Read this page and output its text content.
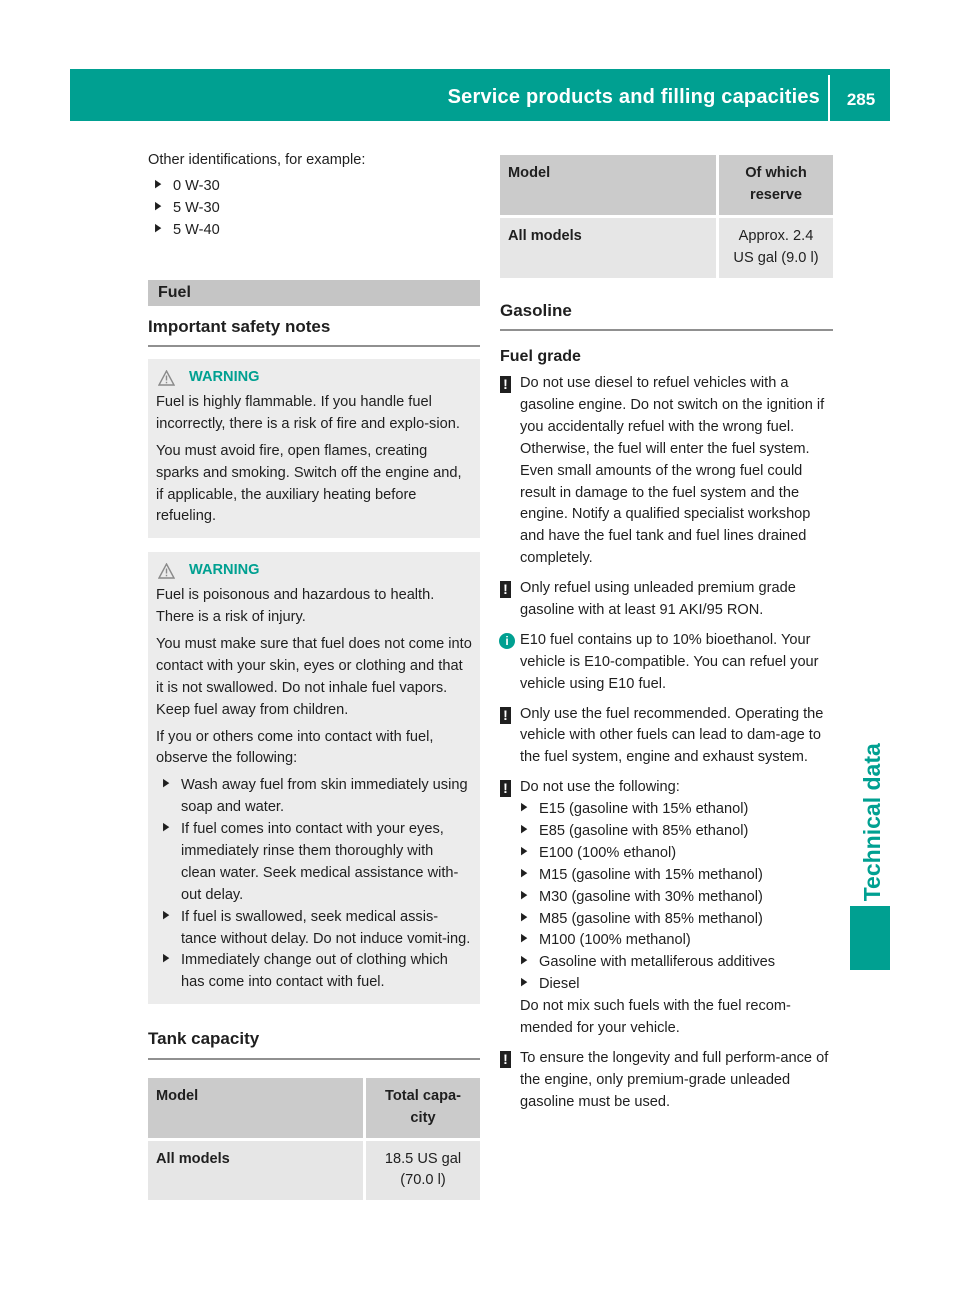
Service products and filling capacities	285
Technical data

Other identifications, for example:

▶ 0 W-30
▶ 5 W-30
▶ 5 W-40
Fuel
Important safety notes
WARNING

Fuel is highly flammable. If you handle fuel incorrectly, there is a risk of fire and explo-sion.

You must avoid fire, open flames, creating sparks and smoking. Switch off the engine and, if applicable, the auxiliary heating before refueling.

WARNING

Fuel is poisonous and hazardous to health. There is a risk of injury.

You must make sure that fuel does not come into contact with your skin, eyes or clothing and that it is not swallowed. Do not inhale fuel vapors. Keep fuel away from children.

If you or others come into contact with fuel, observe the following:

▶ Wash away fuel from skin immediately using soap and water.
▶ If fuel comes into contact with your eyes, immediately rinse them thoroughly with clean water. Seek medical assistance with-out delay.
▶ If fuel is swallowed, seek medical assis-tance without delay. Do not induce vomit-ing.
▶ Immediately change out of clothing which has come into contact with fuel.
Tank capacity
Model	Total capa-city
All models	18.5 US gal (70.0 l)
Model	Of which reserve
All models	Approx. 2.4 US gal (9.0 l)
Gasoline
Fuel grade
! Do not use diesel to refuel vehicles with a gasoline engine. Do not switch on the ignition if you accidentally refuel with the wrong fuel. Otherwise, the fuel will enter the fuel system. Even small amounts of the wrong fuel could result in damage to the fuel system and the engine. Notify a qualified specialist workshop and have the fuel tank and fuel lines drained completely.

! Only refuel using unleaded premium grade gasoline with at least 91 AKI/95 RON.

i E10 fuel contains up to 10% bioethanol. Your vehicle is E10-compatible. You can refuel your vehicle using E10 fuel.

! Only use the fuel recommended. Operating the vehicle with other fuels can lead to dam-age to the fuel system, engine and exhaust system.

! Do not use the following:

▶ E15 (gasoline with 15% ethanol)
▶ E85 (gasoline with 85% ethanol)
▶ E100 (100% ethanol)
▶ M15 (gasoline with 15% methanol)
▶ M30 (gasoline with 30% methanol)
▶ M85 (gasoline with 85% methanol)
▶ M100 (100% methanol)
▶ Gasoline with metalliferous additives
▶ Diesel

Do not mix such fuels with the fuel recom-mended for your vehicle.

! To ensure the longevity and full perform-ance of the engine, only premium-grade unleaded gasoline must be used.
